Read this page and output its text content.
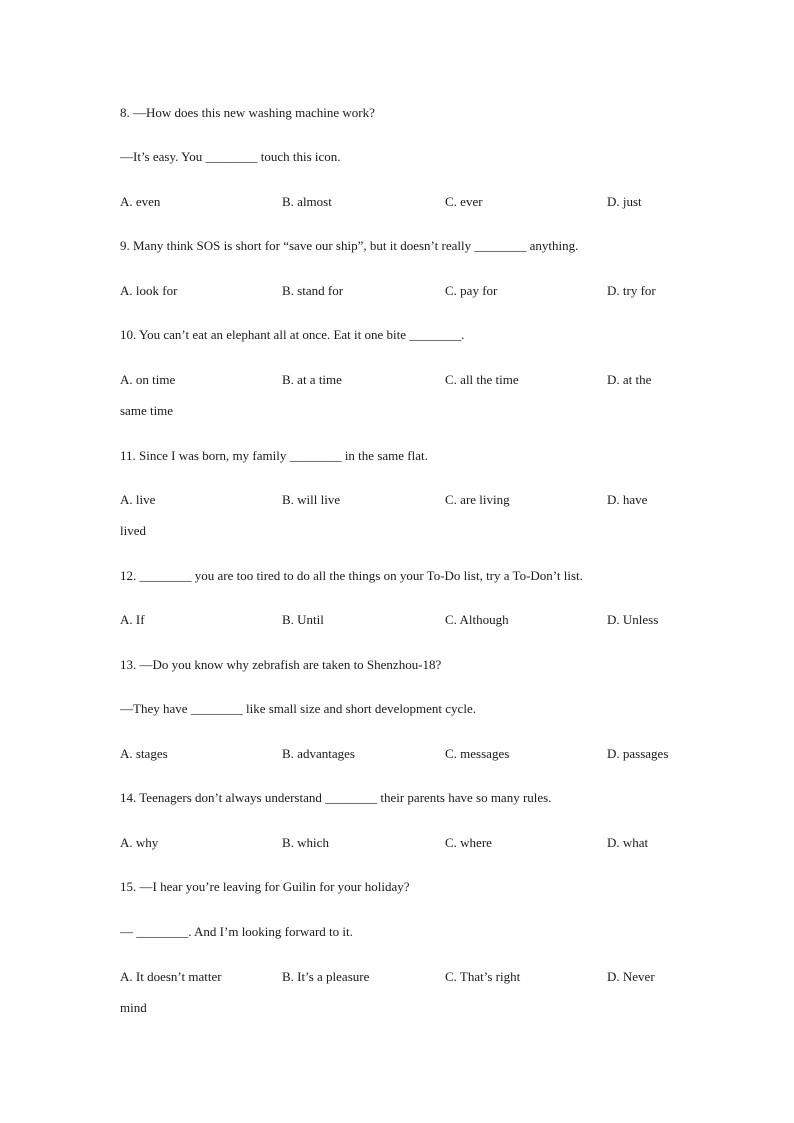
8. —How does this new washing machine work?
—It’s easy. You ________ touch this icon.
A. even	B. almost	C. ever	D. just
9. Many think SOS is short for “save our ship”, but it doesn’t really ________ anything.
A. look for	B. stand for	C. pay for	D. try for
10. You can’t eat an elephant all at once. Eat it one bite ________.
A. on time	B. at a time	C. all the time	D. at the
same time
11. Since I was born, my family ________ in the same flat.
A. live	B. will live	C. are living	D. have
lived
12. ________ you are too tired to do all the things on your To-Do list, try a To-Don’t list.
A. If	B. Until	C. Although	D. Unless
13. —Do you know why zebrafish are taken to Shenzhou-18?
—They have ________ like small size and short development cycle.
A. stages	B. advantages	C. messages	D. passages
14. Teenagers don’t always understand ________ their parents have so many rules.
A. why	B. which	C. where	D. what
15. —I hear you’re leaving for Guilin for your holiday?
— ________. And I’m looking forward to it.
A. It doesn’t matter	B. It’s a pleasure	C. That’s right	D. Never
mind
